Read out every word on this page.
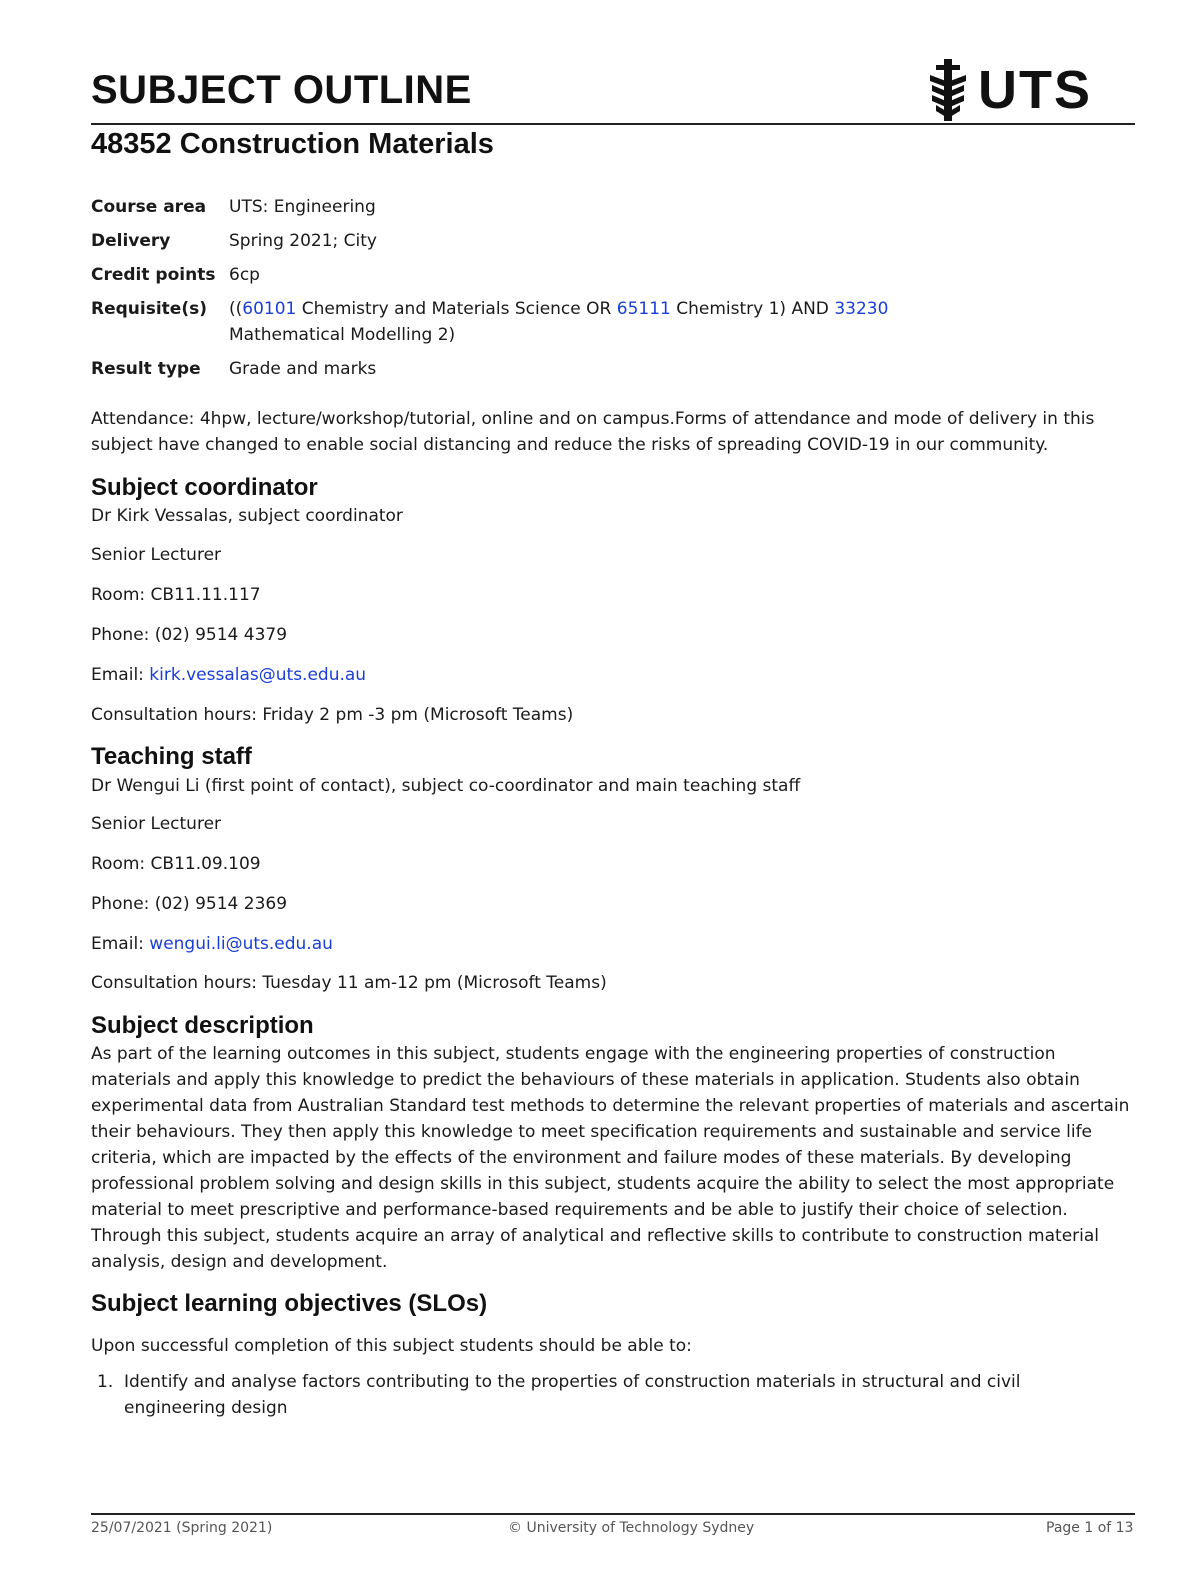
SUBJECT OUTLINE	UTS
48352 Construction Materials
Course area	UTS: Engineering
Delivery	Spring 2021; City
Credit points 6cp
Requisite(s)	((60101 Chemistry and Materials Science OR 65111 Chemistry 1) AND 33230
Mathematical Modelling 2)
Result type	Grade and marks

Attendance: 4hpw, lecture/workshop/tutorial, online and on campus.Forms of attendance and mode of delivery in this subject have changed to enable social distancing and reduce the risks of spreading COVID-19 in our community.

Subject coordinator

Dr Kirk Vessalas, subject coordinator

Senior Lecturer

Room: CB11.11.117

Phone: (02) 9514 4379

Email: kirk.vessalas@uts.edu.au

Consultation hours: Friday 2 pm -3 pm (Microsoft Teams)

Teaching staff

Dr Wengui Li (first point of contact), subject co-coordinator and main teaching staff

Senior Lecturer

Room: CB11.09.109

Phone: (02) 9514 2369

Email: wengui.li@uts.edu.au

Consultation hours: Tuesday 11 am-12 pm (Microsoft Teams)

Subject description

As part of the learning outcomes in this subject, students engage with the engineering properties of construction materials and apply this knowledge to predict the behaviours of these materials in application. Students also obtain experimental data from Australian Standard test methods to determine the relevant properties of materials and ascertain their behaviours. They then apply this knowledge to meet specification requirements and sustainable and service life criteria, which are impacted by the effects of the environment and failure modes of these materials. By developing professional problem solving and design skills in this subject, students acquire the ability to select the most appropriate material to meet prescriptive and performance-based requirements and be able to justify their choice of selection. Through this subject, students acquire an array of analytical and reflective skills to contribute to construction material analysis, design and development.

Subject learning objectives (SLOs)

Upon successful completion of this subject students should be able to:

1. Identify and analyse factors contributing to the properties of construction materials in structural and civil engineering design
25/07/2021 (Spring 2021)	© University of Technology Sydney	Page 1 of 13
